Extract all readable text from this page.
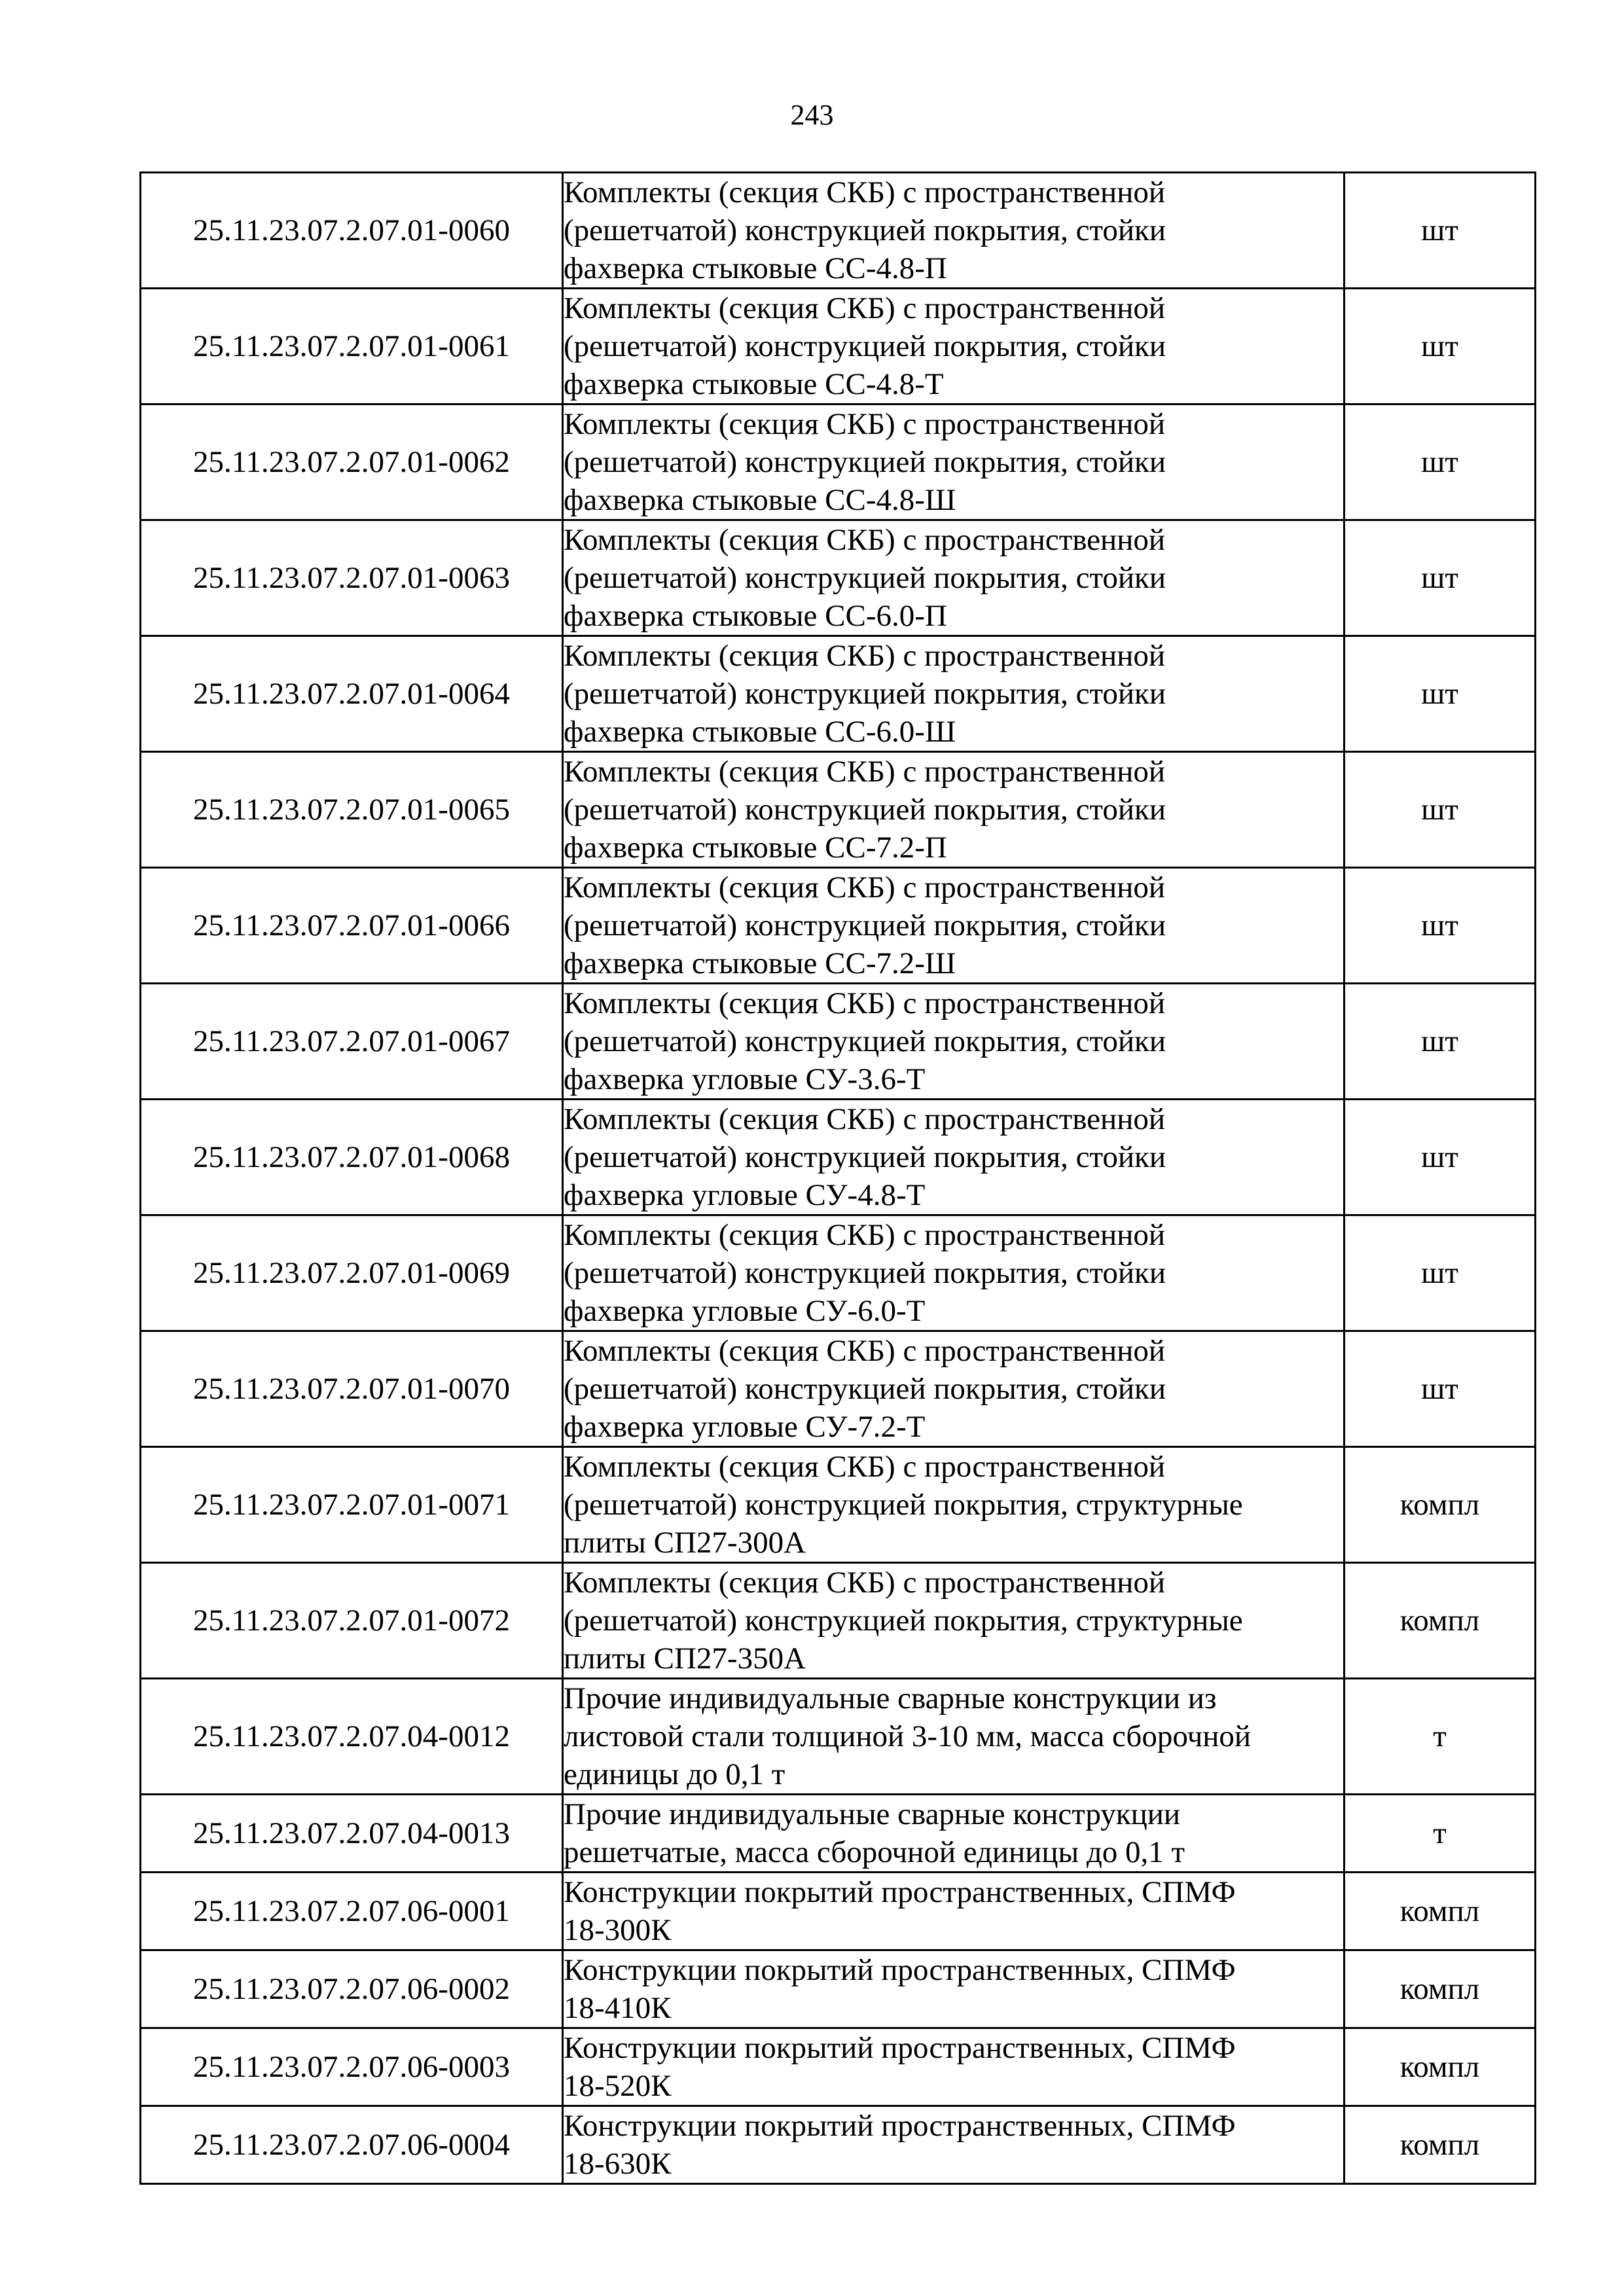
243
25.11.23.07.2.07.01-0060	Комплекты (секция СКБ) с пространственной
(решетчатой) конструкцией покрытия, стойки
фахверка стыковые СС-4.8-П	шт
25.11.23.07.2.07.01-0061	Комплекты (секция СКБ) с пространственной
(решетчатой) конструкцией покрытия, стойки
фахверка стыковые СС-4.8-Т	шт
25.11.23.07.2.07.01-0062	Комплекты (секция СКБ) с пространственной
(решетчатой) конструкцией покрытия, стойки
фахверка стыковые СС-4.8-Ш	шт
25.11.23.07.2.07.01-0063	Комплекты (секция СКБ) с пространственной
(решетчатой) конструкцией покрытия, стойки
фахверка стыковые СС-6.0-П	шт
25.11.23.07.2.07.01-0064	Комплекты (секция СКБ) с пространственной
(решетчатой) конструкцией покрытия, стойки
фахверка стыковые СС-6.0-Ш	шт
25.11.23.07.2.07.01-0065	Комплекты (секция СКБ) с пространственной
(решетчатой) конструкцией покрытия, стойки
фахверка стыковые СС-7.2-П	шт
25.11.23.07.2.07.01-0066	Комплекты (секция СКБ) с пространственной
(решетчатой) конструкцией покрытия, стойки
фахверка стыковые СС-7.2-Ш	шт
25.11.23.07.2.07.01-0067	Комплекты (секция СКБ) с пространственной
(решетчатой) конструкцией покрытия, стойки
фахверка угловые СУ-3.6-Т	шт
25.11.23.07.2.07.01-0068	Комплекты (секция СКБ) с пространственной
(решетчатой) конструкцией покрытия, стойки
фахверка угловые СУ-4.8-Т	шт
25.11.23.07.2.07.01-0069	Комплекты (секция СКБ) с пространственной
(решетчатой) конструкцией покрытия, стойки
фахверка угловые СУ-6.0-Т	шт
25.11.23.07.2.07.01-0070	Комплекты (секция СКБ) с пространственной
(решетчатой) конструкцией покрытия, стойки
фахверка угловые СУ-7.2-Т	шт
25.11.23.07.2.07.01-0071	Комплекты (секция СКБ) с пространственной
(решетчатой) конструкцией покрытия, структурные
плиты СП27-300А	компл
25.11.23.07.2.07.01-0072	Комплекты (секция СКБ) с пространственной
(решетчатой) конструкцией покрытия, структурные
плиты СП27-350А	компл
25.11.23.07.2.07.04-0012	Прочие индивидуальные сварные конструкции из
листовой стали толщиной 3-10 мм, масса сборочной
единицы до 0,1 т	т
25.11.23.07.2.07.04-0013	Прочие индивидуальные сварные конструкции
решетчатые, масса сборочной единицы до 0,1 т	т
25.11.23.07.2.07.06-0001	Конструкции покрытий пространственных, СПМФ
18-300К	компл
25.11.23.07.2.07.06-0002	Конструкции покрытий пространственных, СПМФ
18-410К	компл
25.11.23.07.2.07.06-0003	Конструкции покрытий пространственных, СПМФ
18-520К	компл
25.11.23.07.2.07.06-0004	Конструкции покрытий пространственных, СПМФ
18-630К	компл
